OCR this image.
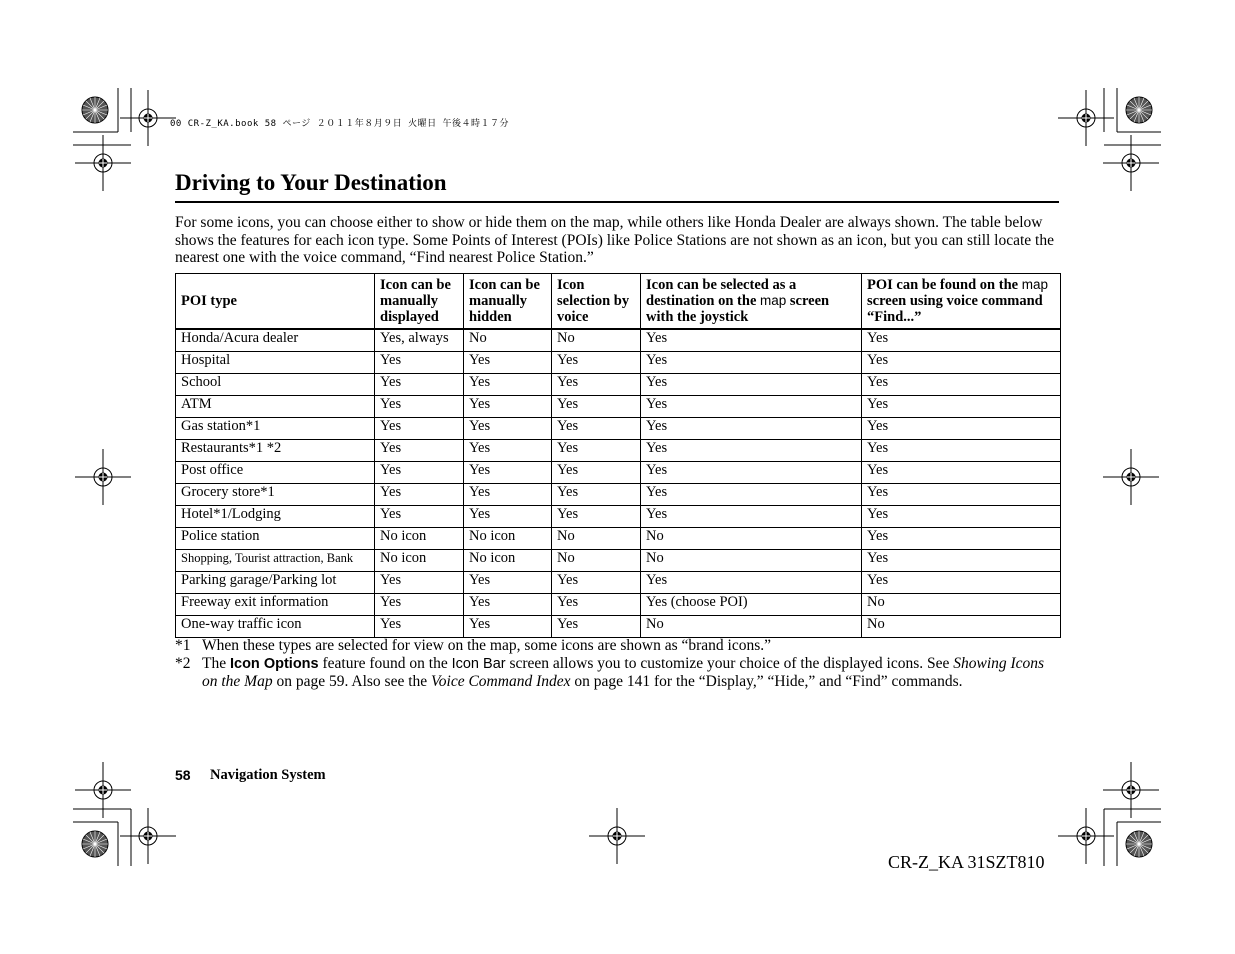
00 CR-Z_KA.book 58 ページ ２０１１年８月９日 火曜日 午後４時１７分
Driving to Your Destination
For some icons, you can choose either to show or hide them on the map, while others like Honda Dealer are always shown. The table below shows the features for each icon type. Some Points of Interest (POIs) like Police Stations are not shown as an icon, but you can still locate the nearest one with the voice command, “Find nearest Police Station.”
POI type	Icon can be manually displayed	Icon can be manually hidden	Icon selection by voice	Icon can be selected as a destination on the map screen with the joystick	POI can be found on the map screen using voice command “Find...”
Honda/Acura dealer	Yes, always	No	No	Yes	Yes
Hospital	Yes	Yes	Yes	Yes	Yes
School	Yes	Yes	Yes	Yes	Yes
ATM	Yes	Yes	Yes	Yes	Yes
Gas station*1	Yes	Yes	Yes	Yes	Yes
Restaurants*1 *2	Yes	Yes	Yes	Yes	Yes
Post office	Yes	Yes	Yes	Yes	Yes
Grocery store*1	Yes	Yes	Yes	Yes	Yes
Hotel*1/Lodging	Yes	Yes	Yes	Yes	Yes
Police station	No icon	No icon	No	No	Yes
Shopping, Tourist attraction, Bank	No icon	No icon	No	No	Yes
Parking garage/Parking lot	Yes	Yes	Yes	Yes	Yes
Freeway exit information	Yes	Yes	Yes	Yes (choose POI)	No
One-way traffic icon	Yes	Yes	Yes	No	No
*1 When these types are selected for view on the map, some icons are shown as “brand icons.”
*2 The Icon Options feature found on the Icon Bar screen allows you to customize your choice of the displayed icons. See Showing Icons on the Map on page 59. Also see the Voice Command Index on page 141 for the “Display,” “Hide,” and “Find” commands.
58 Navigation System
CR-Z_KA 31SZT810
